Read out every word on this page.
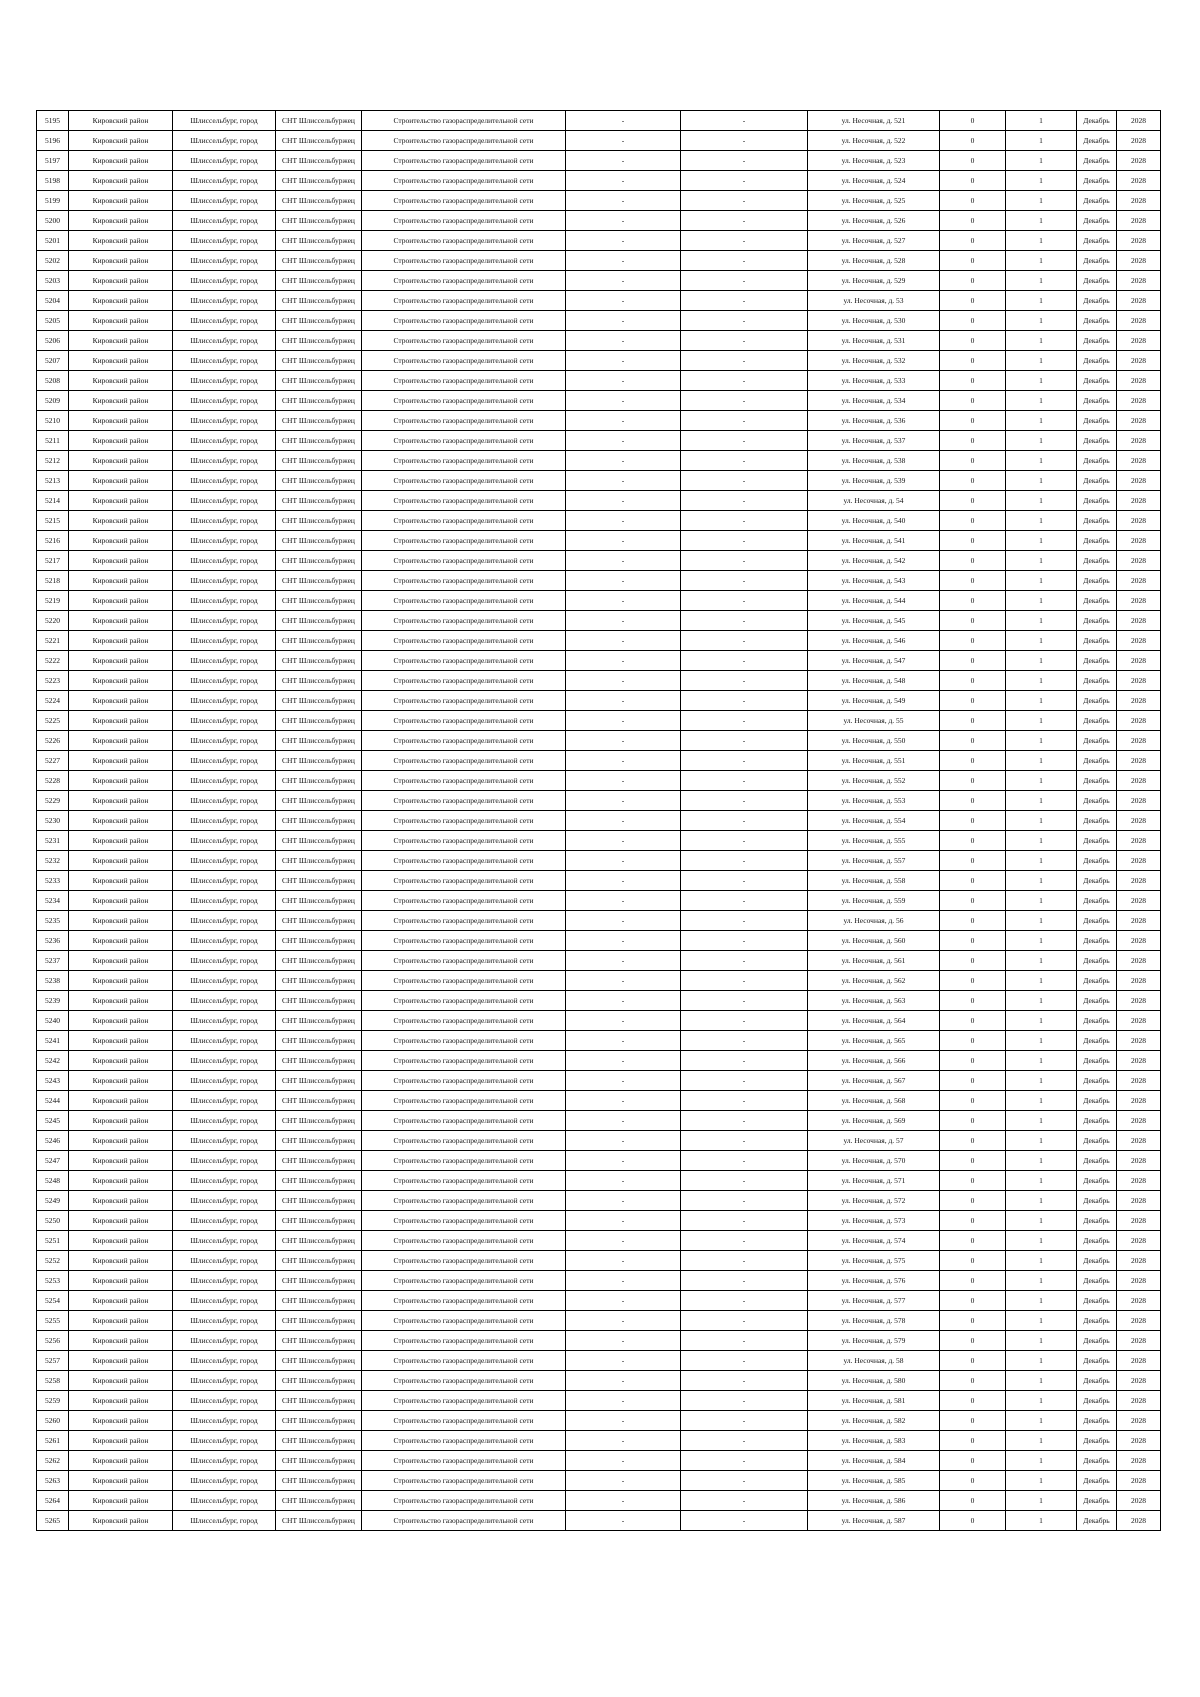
5195	Кировский район	Шлиссельбург, город	СНТ Шлиссельбуржец	Строительство газораспределительной сети	-	-	ул. Несочная, д. 521	0	1	Декабрь	2028
5196	Кировский район	Шлиссельбург, город	СНТ Шлиссельбуржец	Строительство газораспределительной сети	-	-	ул. Несочная, д. 522	0	1	Декабрь	2028
5197	Кировский район	Шлиссельбург, город	СНТ Шлиссельбуржец	Строительство газораспределительной сети	-	-	ул. Несочная, д. 523	0	1	Декабрь	2028
5198	Кировский район	Шлиссельбург, город	СНТ Шлиссельбуржец	Строительство газораспределительной сети	-	-	ул. Несочная, д. 524	0	1	Декабрь	2028
5199	Кировский район	Шлиссельбург, город	СНТ Шлиссельбуржец	Строительство газораспределительной сети	-	-	ул. Несочная, д. 525	0	1	Декабрь	2028
5200	Кировский район	Шлиссельбург, город	СНТ Шлиссельбуржец	Строительство газораспределительной сети	-	-	ул. Несочная, д. 526	0	1	Декабрь	2028
5201	Кировский район	Шлиссельбург, город	СНТ Шлиссельбуржец	Строительство газораспределительной сети	-	-	ул. Несочная, д. 527	0	1	Декабрь	2028
5202	Кировский район	Шлиссельбург, город	СНТ Шлиссельбуржец	Строительство газораспределительной сети	-	-	ул. Несочная, д. 528	0	1	Декабрь	2028
5203	Кировский район	Шлиссельбург, город	СНТ Шлиссельбуржец	Строительство газораспределительной сети	-	-	ул. Несочная, д. 529	0	1	Декабрь	2028
5204	Кировский район	Шлиссельбург, город	СНТ Шлиссельбуржец	Строительство газораспределительной сети	-	-	ул. Несочная, д. 53	0	1	Декабрь	2028
5205	Кировский район	Шлиссельбург, город	СНТ Шлиссельбуржец	Строительство газораспределительной сети	-	-	ул. Несочная, д. 530	0	1	Декабрь	2028
5206	Кировский район	Шлиссельбург, город	СНТ Шлиссельбуржец	Строительство газораспределительной сети	-	-	ул. Несочная, д. 531	0	1	Декабрь	2028
5207	Кировский район	Шлиссельбург, город	СНТ Шлиссельбуржец	Строительство газораспределительной сети	-	-	ул. Несочная, д. 532	0	1	Декабрь	2028
5208	Кировский район	Шлиссельбург, город	СНТ Шлиссельбуржец	Строительство газораспределительной сети	-	-	ул. Несочная, д. 533	0	1	Декабрь	2028
5209	Кировский район	Шлиссельбург, город	СНТ Шлиссельбуржец	Строительство газораспределительной сети	-	-	ул. Несочная, д. 534	0	1	Декабрь	2028
5210	Кировский район	Шлиссельбург, город	СНТ Шлиссельбуржец	Строительство газораспределительной сети	-	-	ул. Несочная, д. 536	0	1	Декабрь	2028
5211	Кировский район	Шлиссельбург, город	СНТ Шлиссельбуржец	Строительство газораспределительной сети	-	-	ул. Несочная, д. 537	0	1	Декабрь	2028
5212	Кировский район	Шлиссельбург, город	СНТ Шлиссельбуржец	Строительство газораспределительной сети	-	-	ул. Несочная, д. 538	0	1	Декабрь	2028
5213	Кировский район	Шлиссельбург, город	СНТ Шлиссельбуржец	Строительство газораспределительной сети	-	-	ул. Несочная, д. 539	0	1	Декабрь	2028
5214	Кировский район	Шлиссельбург, город	СНТ Шлиссельбуржец	Строительство газораспределительной сети	-	-	ул. Несочная, д. 54	0	1	Декабрь	2028
5215	Кировский район	Шлиссельбург, город	СНТ Шлиссельбуржец	Строительство газораспределительной сети	-	-	ул. Несочная, д. 540	0	1	Декабрь	2028
5216	Кировский район	Шлиссельбург, город	СНТ Шлиссельбуржец	Строительство газораспределительной сети	-	-	ул. Несочная, д. 541	0	1	Декабрь	2028
5217	Кировский район	Шлиссельбург, город	СНТ Шлиссельбуржец	Строительство газораспределительной сети	-	-	ул. Несочная, д. 542	0	1	Декабрь	2028
5218	Кировский район	Шлиссельбург, город	СНТ Шлиссельбуржец	Строительство газораспределительной сети	-	-	ул. Несочная, д. 543	0	1	Декабрь	2028
5219	Кировский район	Шлиссельбург, город	СНТ Шлиссельбуржец	Строительство газораспределительной сети	-	-	ул. Несочная, д. 544	0	1	Декабрь	2028
5220	Кировский район	Шлиссельбург, город	СНТ Шлиссельбуржец	Строительство газораспределительной сети	-	-	ул. Несочная, д. 545	0	1	Декабрь	2028
5221	Кировский район	Шлиссельбург, город	СНТ Шлиссельбуржец	Строительство газораспределительной сети	-	-	ул. Несочная, д. 546	0	1	Декабрь	2028
5222	Кировский район	Шлиссельбург, город	СНТ Шлиссельбуржец	Строительство газораспределительной сети	-	-	ул. Несочная, д. 547	0	1	Декабрь	2028
5223	Кировский район	Шлиссельбург, город	СНТ Шлиссельбуржец	Строительство газораспределительной сети	-	-	ул. Несочная, д. 548	0	1	Декабрь	2028
5224	Кировский район	Шлиссельбург, город	СНТ Шлиссельбуржец	Строительство газораспределительной сети	-	-	ул. Несочная, д. 549	0	1	Декабрь	2028
5225	Кировский район	Шлиссельбург, город	СНТ Шлиссельбуржец	Строительство газораспределительной сети	-	-	ул. Несочная, д. 55	0	1	Декабрь	2028
5226	Кировский район	Шлиссельбург, город	СНТ Шлиссельбуржец	Строительство газораспределительной сети	-	-	ул. Несочная, д. 550	0	1	Декабрь	2028
5227	Кировский район	Шлиссельбург, город	СНТ Шлиссельбуржец	Строительство газораспределительной сети	-	-	ул. Несочная, д. 551	0	1	Декабрь	2028
5228	Кировский район	Шлиссельбург, город	СНТ Шлиссельбуржец	Строительство газораспределительной сети	-	-	ул. Несочная, д. 552	0	1	Декабрь	2028
5229	Кировский район	Шлиссельбург, город	СНТ Шлиссельбуржец	Строительство газораспределительной сети	-	-	ул. Несочная, д. 553	0	1	Декабрь	2028
5230	Кировский район	Шлиссельбург, город	СНТ Шлиссельбуржец	Строительство газораспределительной сети	-	-	ул. Несочная, д. 554	0	1	Декабрь	2028
5231	Кировский район	Шлиссельбург, город	СНТ Шлиссельбуржец	Строительство газораспределительной сети	-	-	ул. Несочная, д. 555	0	1	Декабрь	2028
5232	Кировский район	Шлиссельбург, город	СНТ Шлиссельбуржец	Строительство газораспределительной сети	-	-	ул. Несочная, д. 557	0	1	Декабрь	2028
5233	Кировский район	Шлиссельбург, город	СНТ Шлиссельбуржец	Строительство газораспределительной сети	-	-	ул. Несочная, д. 558	0	1	Декабрь	2028
5234	Кировский район	Шлиссельбург, город	СНТ Шлиссельбуржец	Строительство газораспределительной сети	-	-	ул. Несочная, д. 559	0	1	Декабрь	2028
5235	Кировский район	Шлиссельбург, город	СНТ Шлиссельбуржец	Строительство газораспределительной сети	-	-	ул. Несочная, д. 56	0	1	Декабрь	2028
5236	Кировский район	Шлиссельбург, город	СНТ Шлиссельбуржец	Строительство газораспределительной сети	-	-	ул. Несочная, д. 560	0	1	Декабрь	2028
5237	Кировский район	Шлиссельбург, город	СНТ Шлиссельбуржец	Строительство газораспределительной сети	-	-	ул. Несочная, д. 561	0	1	Декабрь	2028
5238	Кировский район	Шлиссельбург, город	СНТ Шлиссельбуржец	Строительство газораспределительной сети	-	-	ул. Несочная, д. 562	0	1	Декабрь	2028
5239	Кировский район	Шлиссельбург, город	СНТ Шлиссельбуржец	Строительство газораспределительной сети	-	-	ул. Несочная, д. 563	0	1	Декабрь	2028
5240	Кировский район	Шлиссельбург, город	СНТ Шлиссельбуржец	Строительство газораспределительной сети	-	-	ул. Несочная, д. 564	0	1	Декабрь	2028
5241	Кировский район	Шлиссельбург, город	СНТ Шлиссельбуржец	Строительство газораспределительной сети	-	-	ул. Несочная, д. 565	0	1	Декабрь	2028
5242	Кировский район	Шлиссельбург, город	СНТ Шлиссельбуржец	Строительство газораспределительной сети	-	-	ул. Несочная, д. 566	0	1	Декабрь	2028
5243	Кировский район	Шлиссельбург, город	СНТ Шлиссельбуржец	Строительство газораспределительной сети	-	-	ул. Несочная, д. 567	0	1	Декабрь	2028
5244	Кировский район	Шлиссельбург, город	СНТ Шлиссельбуржец	Строительство газораспределительной сети	-	-	ул. Несочная, д. 568	0	1	Декабрь	2028
5245	Кировский район	Шлиссельбург, город	СНТ Шлиссельбуржец	Строительство газораспределительной сети	-	-	ул. Несочная, д. 569	0	1	Декабрь	2028
5246	Кировский район	Шлиссельбург, город	СНТ Шлиссельбуржец	Строительство газораспределительной сети	-	-	ул. Несочная, д. 57	0	1	Декабрь	2028
5247	Кировский район	Шлиссельбург, город	СНТ Шлиссельбуржец	Строительство газораспределительной сети	-	-	ул. Несочная, д. 570	0	1	Декабрь	2028
5248	Кировский район	Шлиссельбург, город	СНТ Шлиссельбуржец	Строительство газораспределительной сети	-	-	ул. Несочная, д. 571	0	1	Декабрь	2028
5249	Кировский район	Шлиссельбург, город	СНТ Шлиссельбуржец	Строительство газораспределительной сети	-	-	ул. Несочная, д. 572	0	1	Декабрь	2028
5250	Кировский район	Шлиссельбург, город	СНТ Шлиссельбуржец	Строительство газораспределительной сети	-	-	ул. Несочная, д. 573	0	1	Декабрь	2028
5251	Кировский район	Шлиссельбург, город	СНТ Шлиссельбуржец	Строительство газораспределительной сети	-	-	ул. Несочная, д. 574	0	1	Декабрь	2028
5252	Кировский район	Шлиссельбург, город	СНТ Шлиссельбуржец	Строительство газораспределительной сети	-	-	ул. Несочная, д. 575	0	1	Декабрь	2028
5253	Кировский район	Шлиссельбург, город	СНТ Шлиссельбуржец	Строительство газораспределительной сети	-	-	ул. Несочная, д. 576	0	1	Декабрь	2028
5254	Кировский район	Шлиссельбург, город	СНТ Шлиссельбуржец	Строительство газораспределительной сети	-	-	ул. Несочная, д. 577	0	1	Декабрь	2028
5255	Кировский район	Шлиссельбург, город	СНТ Шлиссельбуржец	Строительство газораспределительной сети	-	-	ул. Несочная, д. 578	0	1	Декабрь	2028
5256	Кировский район	Шлиссельбург, город	СНТ Шлиссельбуржец	Строительство газораспределительной сети	-	-	ул. Несочная, д. 579	0	1	Декабрь	2028
5257	Кировский район	Шлиссельбург, город	СНТ Шлиссельбуржец	Строительство газораспределительной сети	-	-	ул. Несочная, д. 58	0	1	Декабрь	2028
5258	Кировский район	Шлиссельбург, город	СНТ Шлиссельбуржец	Строительство газораспределительной сети	-	-	ул. Несочная, д. 580	0	1	Декабрь	2028
5259	Кировский район	Шлиссельбург, город	СНТ Шлиссельбуржец	Строительство газораспределительной сети	-	-	ул. Несочная, д. 581	0	1	Декабрь	2028
5260	Кировский район	Шлиссельбург, город	СНТ Шлиссельбуржец	Строительство газораспределительной сети	-	-	ул. Несочная, д. 582	0	1	Декабрь	2028
5261	Кировский район	Шлиссельбург, город	СНТ Шлиссельбуржец	Строительство газораспределительной сети	-	-	ул. Несочная, д. 583	0	1	Декабрь	2028
5262	Кировский район	Шлиссельбург, город	СНТ Шлиссельбуржец	Строительство газораспределительной сети	-	-	ул. Несочная, д. 584	0	1	Декабрь	2028
5263	Кировский район	Шлиссельбург, город	СНТ Шлиссельбуржец	Строительство газораспределительной сети	-	-	ул. Несочная, д. 585	0	1	Декабрь	2028
5264	Кировский район	Шлиссельбург, город	СНТ Шлиссельбуржец	Строительство газораспределительной сети	-	-	ул. Несочная, д. 586	0	1	Декабрь	2028
5265	Кировский район	Шлиссельбург, город	СНТ Шлиссельбуржец	Строительство газораспределительной сети	-	-	ул. Несочная, д. 587	0	1	Декабрь	2028
